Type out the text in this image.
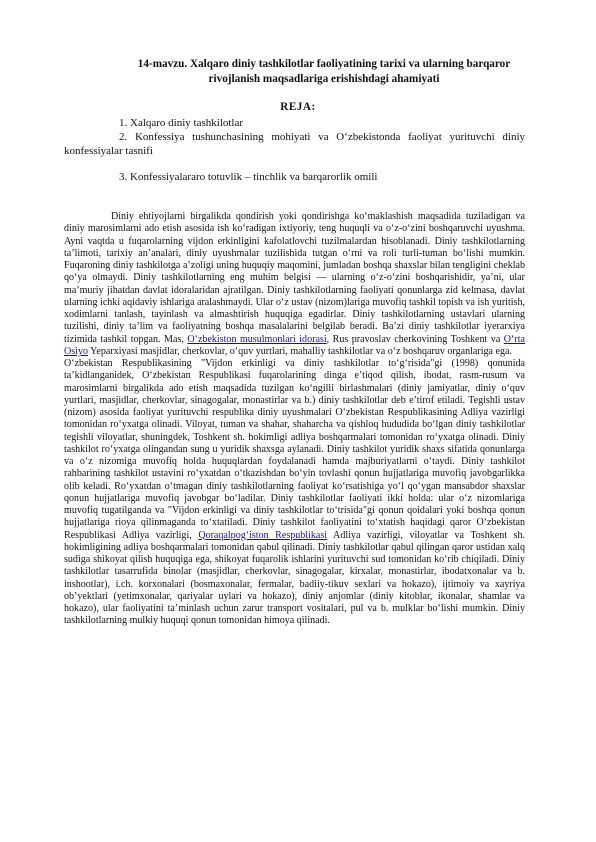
14-mavzu. Xalqaro diniy tashkilotlar faoliyatining tarixi va ularning barqaror rivojlanish maqsadlariga erishishdagi ahamiyati
REJA:
1. Xalqaro diniy tashkilotlar
2. Konfessiya tushunchasining mohiyati va O‘zbekistonda faoliyat yurituvchi diniy konfessiyalar tasnifi
3. Konfessiyalararo totuvlik – tinchlik va barqarorlik omili

Diniy ehtiyojlarni birgalikda qondirish yoki qondirishga ko‘maklashish maqsadida tuziladigan va diniy marosimlarni ado etish asosida ish ko‘radigan ixtiyoriy, teng huquqli va o‘z-o‘zini boshqaruvchi uyushma. Ayni vaqtda u fuqarolarning vijdon erkinligini kafolatlovchi tuzilmalardan hisoblanadi. Diniy tashkilotlarning ta’limoti, tarixiy an’analari, diniy uyushmalar tuzilishida tutgan o‘rni va roli turli-tuman bo‘lishi mumkin. Fuqaroning diniy tashkilotga a’zoligi uning huquqiy maqomini, jumladan boshqa shaxslar bilan tengligini cheklab qo‘ya olmaydi. Diniy tashkilotlarning eng muhim belgisi — ularning o‘z-o‘zini boshqarishidir, ya’ni, ular ma’muriy jihatdan davlat idoralaridan ajratilgan. Diniy tashkilotlarning faoliyati qonunlarga zid kelmasa, davlat ularning ichki aqidaviy ishlariga aralashmaydi. Ular o‘z ustav (nizom)lariga muvofiq tashkil topish va ish yuritish, xodimlarni tanlash, tayinlash va almashtirish huquqiga egadirlar. Diniy tashkilotlarning ustavlari ularning tuzilishi, diniy ta’lim va faoliyatning boshqa masalalarini belgilab beradi. Ba’zi diniy tashkilotlar iyerarxiya tizimida tashkil topgan. Mas, O‘zbekiston musulmonlari idorasi, Rus pravoslav cherkovining Toshkent va O‘rta Osiyo Yeparxiyasi masjidlar, cherkovlar, o‘quv yurtlari, mahalliy tashkilotlar va o‘z boshqaruv organlariga ega.

O‘zbekistan Respublikasining "Vijdon erkinligi va diniy tashkilotlar to‘g‘risida"gi (1998) qonunida ta’kidlanganidek, O‘zbekistan Respublikasi fuqarolarining dinga e’tiqod qilish, ibodat, rasm-rusum va marosimlarni birgalikda ado etish maqsadida tuzilgan ko‘ngilli birlashmalari (diniy jamiyatlar, diniy o‘quv yurtlari, masjidlar, cherkovlar, sinagogalar, monastirlar va b.) diniy tashkilotlar deb e’tirof etiladi. Tegishli ustav (nizom) asosida faoliyat yurituvchi respublika diniy uyushmalari O‘zbekistan Respublikasining Adliya vazirligi tomonidan ro‘yxatga olinadi. Viloyat, tuman va shahar, shaharcha va qishloq hududida bo‘lgan diniy tashkilotlar tegishli viloyatlar, shuningdek, Toshkent sh. hokimligi adliya boshqarmalari tomonidan ro‘yxatga olinadi. Diniy tashkilot ro‘yxatga olingandan sung u yuridik shaxsga aylanadi. Diniy tashkilot yuridik shaxs sifatida qonunlarga va o‘z nizomiga muvofiq holda huquqlardan foydalanadi hamda majburiyatlarni o‘taydi. Diniy tashkilot rahbarining tashkilot ustavini ro‘yxatdan o‘tkazishdan bo‘yin tovlashi qonun hujjatlariga muvofiq javobgarlikka olib keladi. Ro‘yxatdan o‘tmagan diniy tashkilotlarning faoliyat ko‘rsatishiga yo‘l qo‘ygan mansabdor shaxslar qonun hujjatlariga muvofiq javobgar bo‘ladilar. Diniy tashkilotlar faoliyati ikki holda: ular o‘z nizomlariga muvofiq tugatilganda va "Vijdon erkinligi va diniy tashkilotlar to‘trisida"gi qonun qoidalari yoki boshqa qonun hujjatlariga rioya qilinmaganda to‘xtatiladi. Diniy tashkilot faoliyatini to‘xtatish haqidagi qaror O‘zbekistan Respublikasi Adliya vazirligi, Qoraqalpog‘iston Respublikasi Adliya vazirligi, viloyatlar va Toshkent sh. hokimligining adliya boshqarmalari tomonidan qabul qilinadi. Diniy tashkilotlar qabul qilingan qaror ustidan xalq sudiga shikoyat qilish huquqiga ega, shikoyat fuqarolik ishlarini yurituvchi sud tomonidan ko‘rib chiqiladi. Diniy tashkilotlar tasarrufida binolar (masjidlar, cherkovlar, sinagogalar, kirxalar, monastirlar, ibodatxonalar va b. inshootlar), i.ch. korxonalari (bosmaxonalar, fermalar, badiiy-tikuv sexlari va hokazo), ijtimoiy va xayriya ob’yektlari (yetimxonalar, qariyalar uylari va hokazo), diniy anjomlar (diniy kitoblar, ikonalar, shamlar va hokazo), ular faoliyatini ta’minlash uchun zarur transport vositalari, pul va b. mulklar bo‘lishi mumkin. Diniy tashkilotlarning mulkiy huquqi qonun tomonidan himoya qilinadi.
